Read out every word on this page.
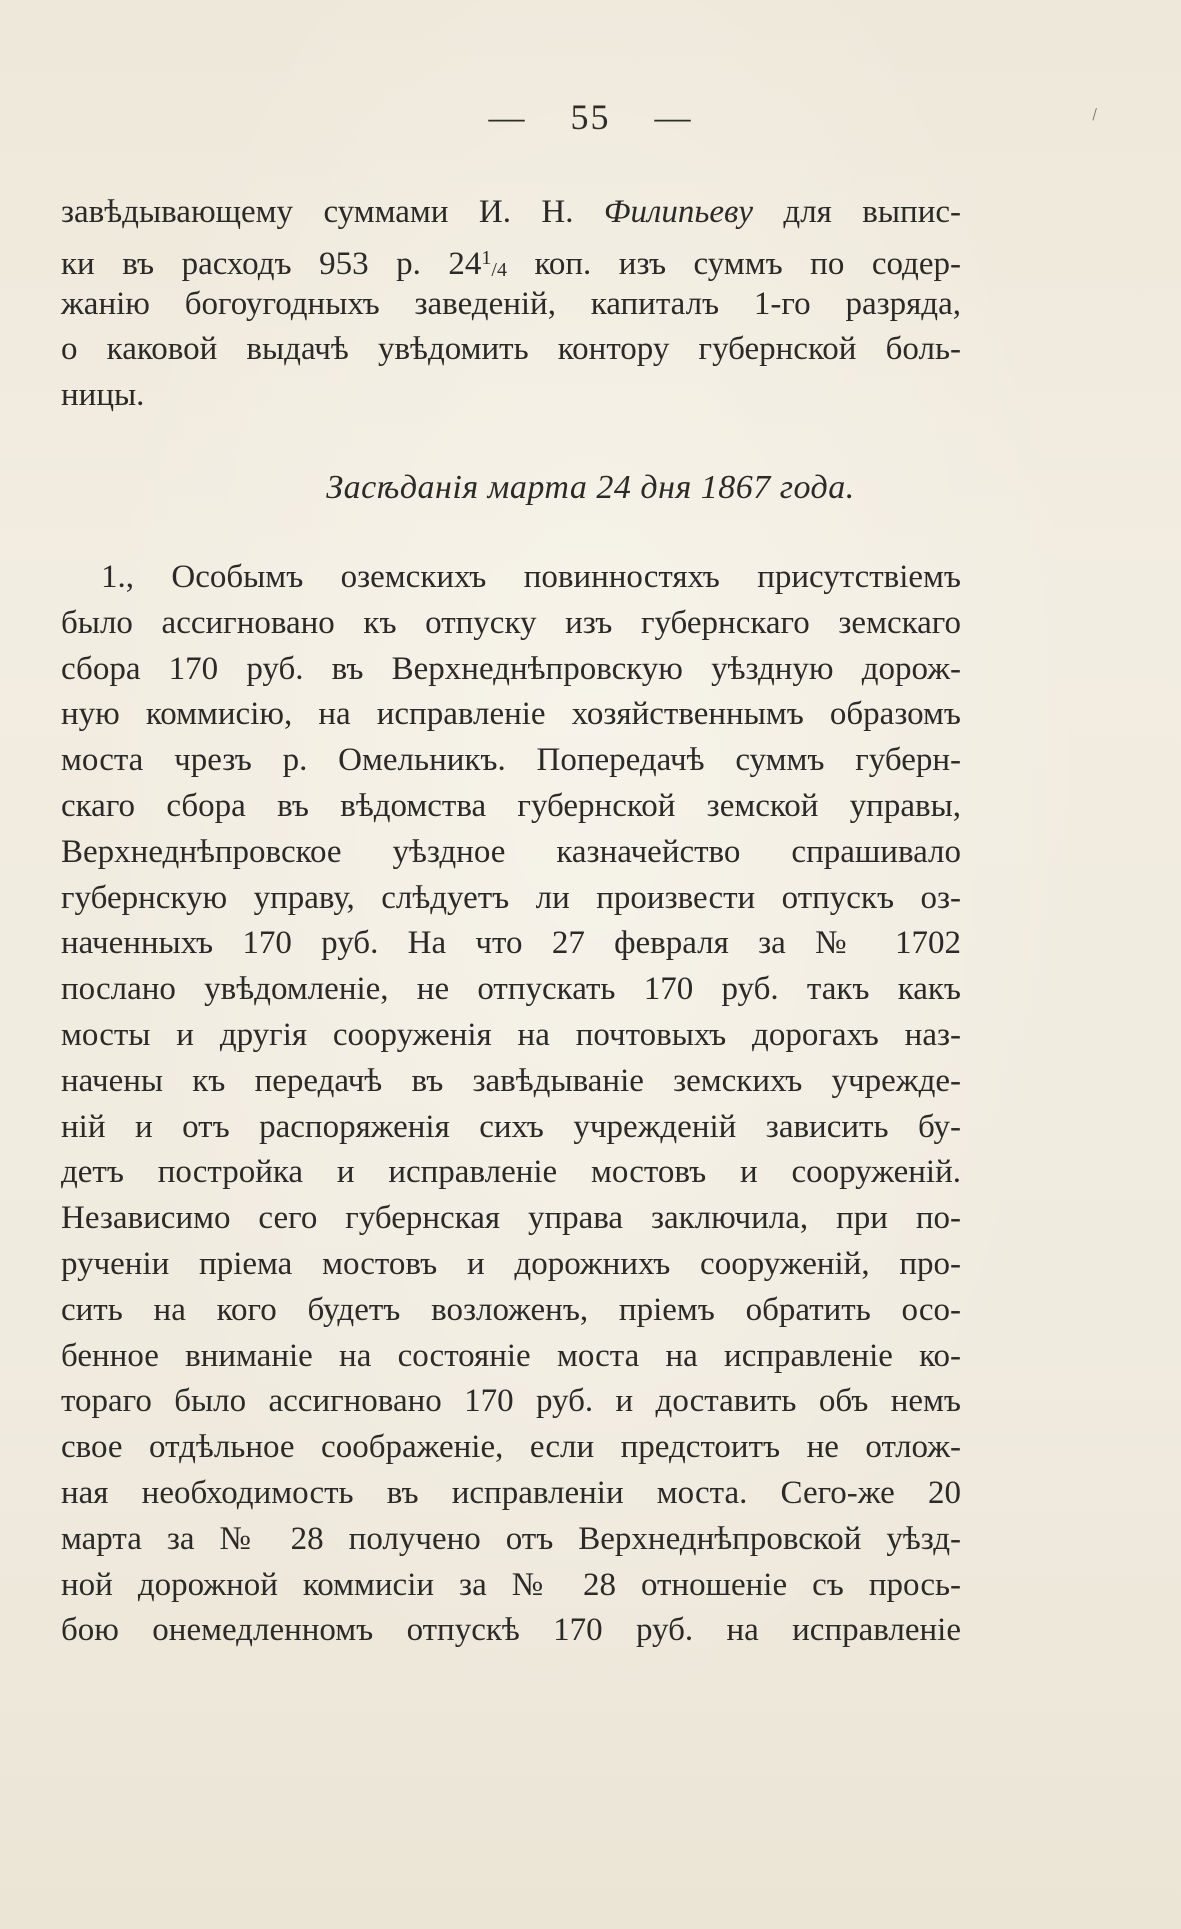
— 55 —	\
завѣдывающему суммами И. Н. Филипьеву для выпис-
ки въ расходъ 953 р. $24^1/4$ коп. изъ суммъ по содер-
жанію богоугодныхъ заведеній, капиталъ 1-го разряда,
о каковой выдачѣ увѣдомить контору губернской боль-
ницы.
Засѣданія марта 24 дня 1867 года.
1., Особымъ оземскихъ повинностяхъ присутствіемъ
было ассигновано къ отпуску изъ губернскаго земскаго
сбора 170 руб. въ Верхнеднѣпровскую уѣздную дорож-
ную коммисію, на исправленіе хозяйственнымъ образомъ
моста чрезъ р. Омельникъ. Попередачѣ суммъ губерн-
скаго сбора въ вѣдомства губернской земской управы,
Верхнеднѣпровское уѣздное казначейство спрашивало
губернскую управу, слѣдуетъ ли произвести отпускъ оз-
наченныхъ 170 руб. На что 27 февраля за № 1702
послано увѣдомленіе, не отпускать 170 руб. такъ какъ
мосты и другія сооруженія на почтовыхъ дорогахъ наз-
начены къ передачѣ въ завѣдываніе земскихъ учрежде-
ній и отъ распоряженія сихъ учрежденій зависить бу-
детъ постройка и исправленіе мостовъ и сооруженій.
Независимо сего губернская управа заключила, при по-
рученіи пріема мостовъ и дорожнихъ сооруженій, про-
сить на кого будетъ возложенъ, пріемъ обратить осо-
бенное вниманіе на состояніе моста на исправленіе ко-
тораго было ассигновано 170 руб. и доставить объ немъ
свое отдѣльное соображеніе, если предстоитъ не отлож-
ная необходимость въ исправленіи моста. Сего-же 20
марта за № 28 получено отъ Верхнеднѣпровской уѣзд-
ной дорожной коммисіи за № 28 отношеніе съ прось-
бою онемедленномъ отпускѣ 170 руб. на исправленіе
